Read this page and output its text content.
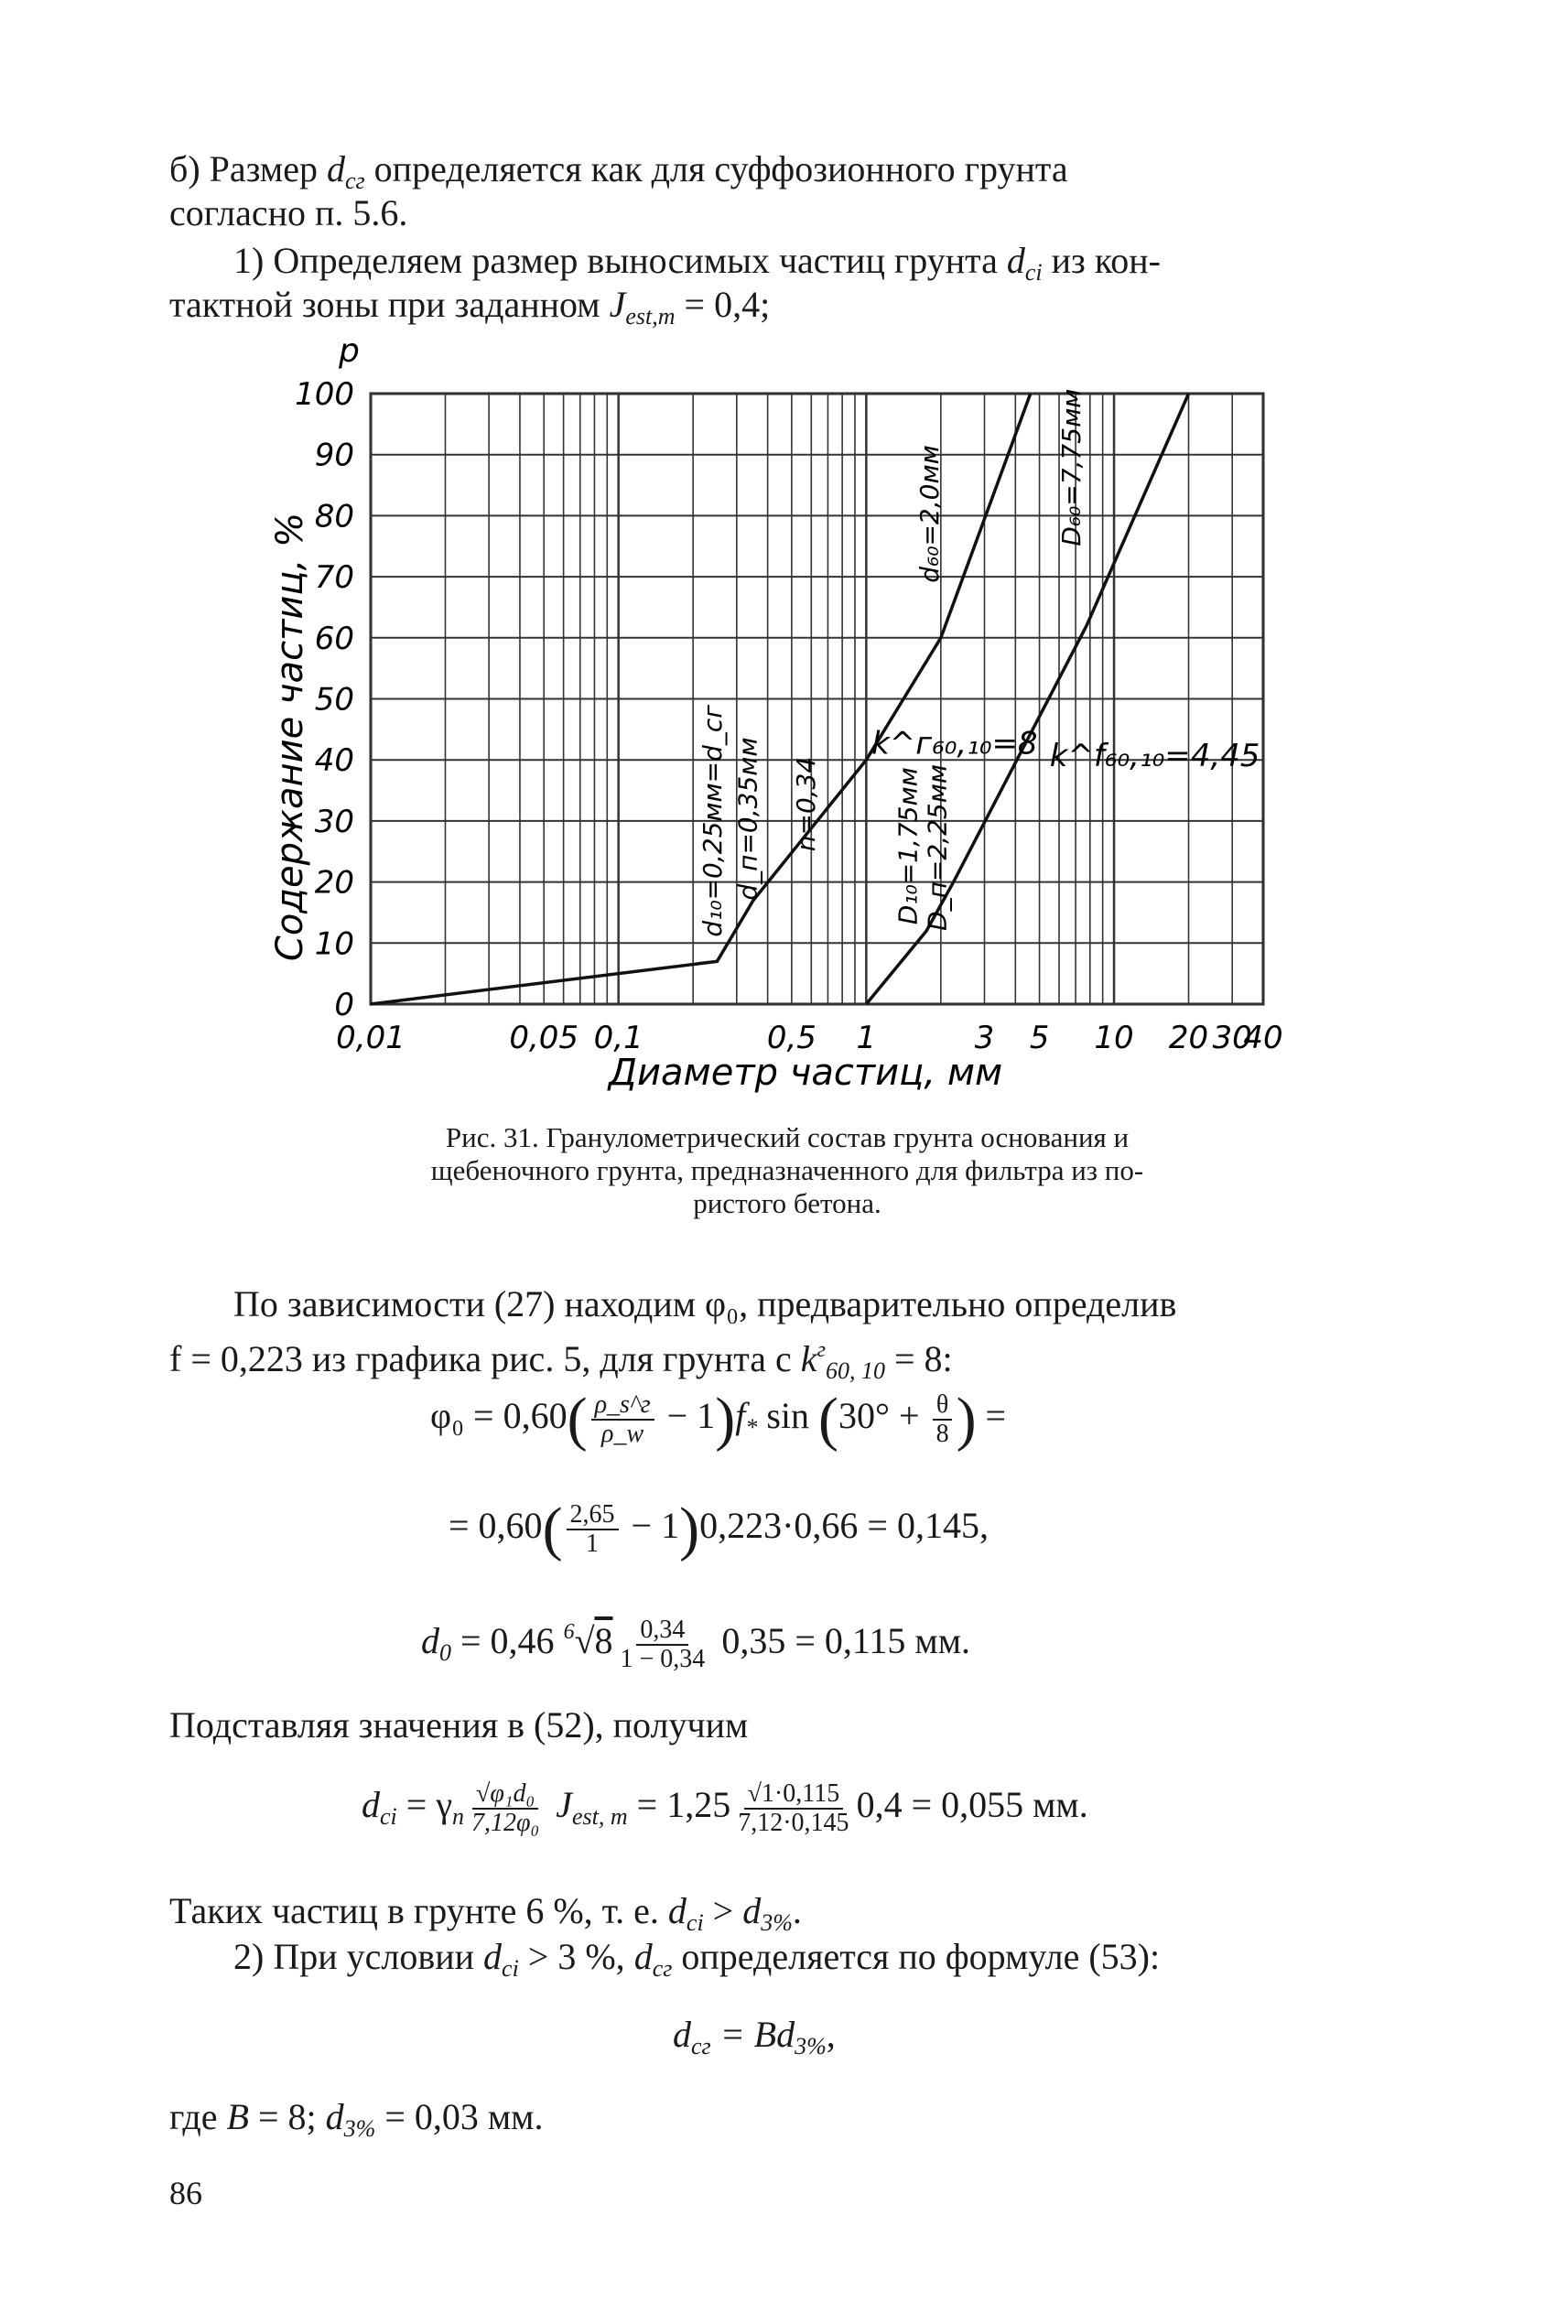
б) Размер $d_{сг}$ определяется как для суффозионного грунта
согласно п. 5.6.
1) Определяем размер выносимых частиц грунта $d_{ci}$ из кон-
тактной зоны при заданном $J_{est,m} = 0,4$;
0
10
20
30
40
50
60
70
80
90
100
0,01	0,05 0,1	0,5 1	3 5 10 20 30
40
d₁₀=0,25мм=d_сг d_п=0,35мм n=0,34
d₆₀=2,0мм
k^г₆₀,₁₀=8
D₁₀=1,75мм
D_п=2,25мм
D₆₀=7,75мм
k^f₆₀,₁₀=4,45
p
Содержание частиц, %
Диаметр частиц, мм
Рис. 31. Гранулометрический состав грунта основания и
щебеночного грунта, предназначенного для фильтра из по-
ристого бетона.
По зависимости (27) находим φ₀, предварительно определив
f = 0,223 из графика рис. 5, для грунта с $k^г_{60, 10} = 8$:
$\varphi_0 = 0,60( \frac{\rho\_s\^{}г}{\rho\_w} - 1)f_*$ $\sin (30^\circ + \frac{\theta}{8}$ ) =
= $0,60( \frac{2,65}{1} - 1)0,223\cdot 0,66 = 0,145$,
$d_0 = 0,46$ $^6√8 \frac{0,34}{1 - 0,34} 0,35 = 0,115$ мм.
Подставляя значения в (52), получим
$d_{ci} = \gamma_n \frac{\text{√φ₁d₀}}{\text{7,12φ₀}} J_{est, m} = 1,25 \frac{√1\cdot 0,115}{7,12\cdot 0,145} 0,4 = 0,055$ мм.
Таких частиц в грунте 6 %, т. е. $d_{ci} > d_{3\%}$.
2) При условии $d_{ci} > 3$ %, $d_{сг}$ определяется по формуле (53):
$d_{сг} = Bd_{3\%}$,
где B = 8; $d_{3\%} = 0,03$ мм.
86
